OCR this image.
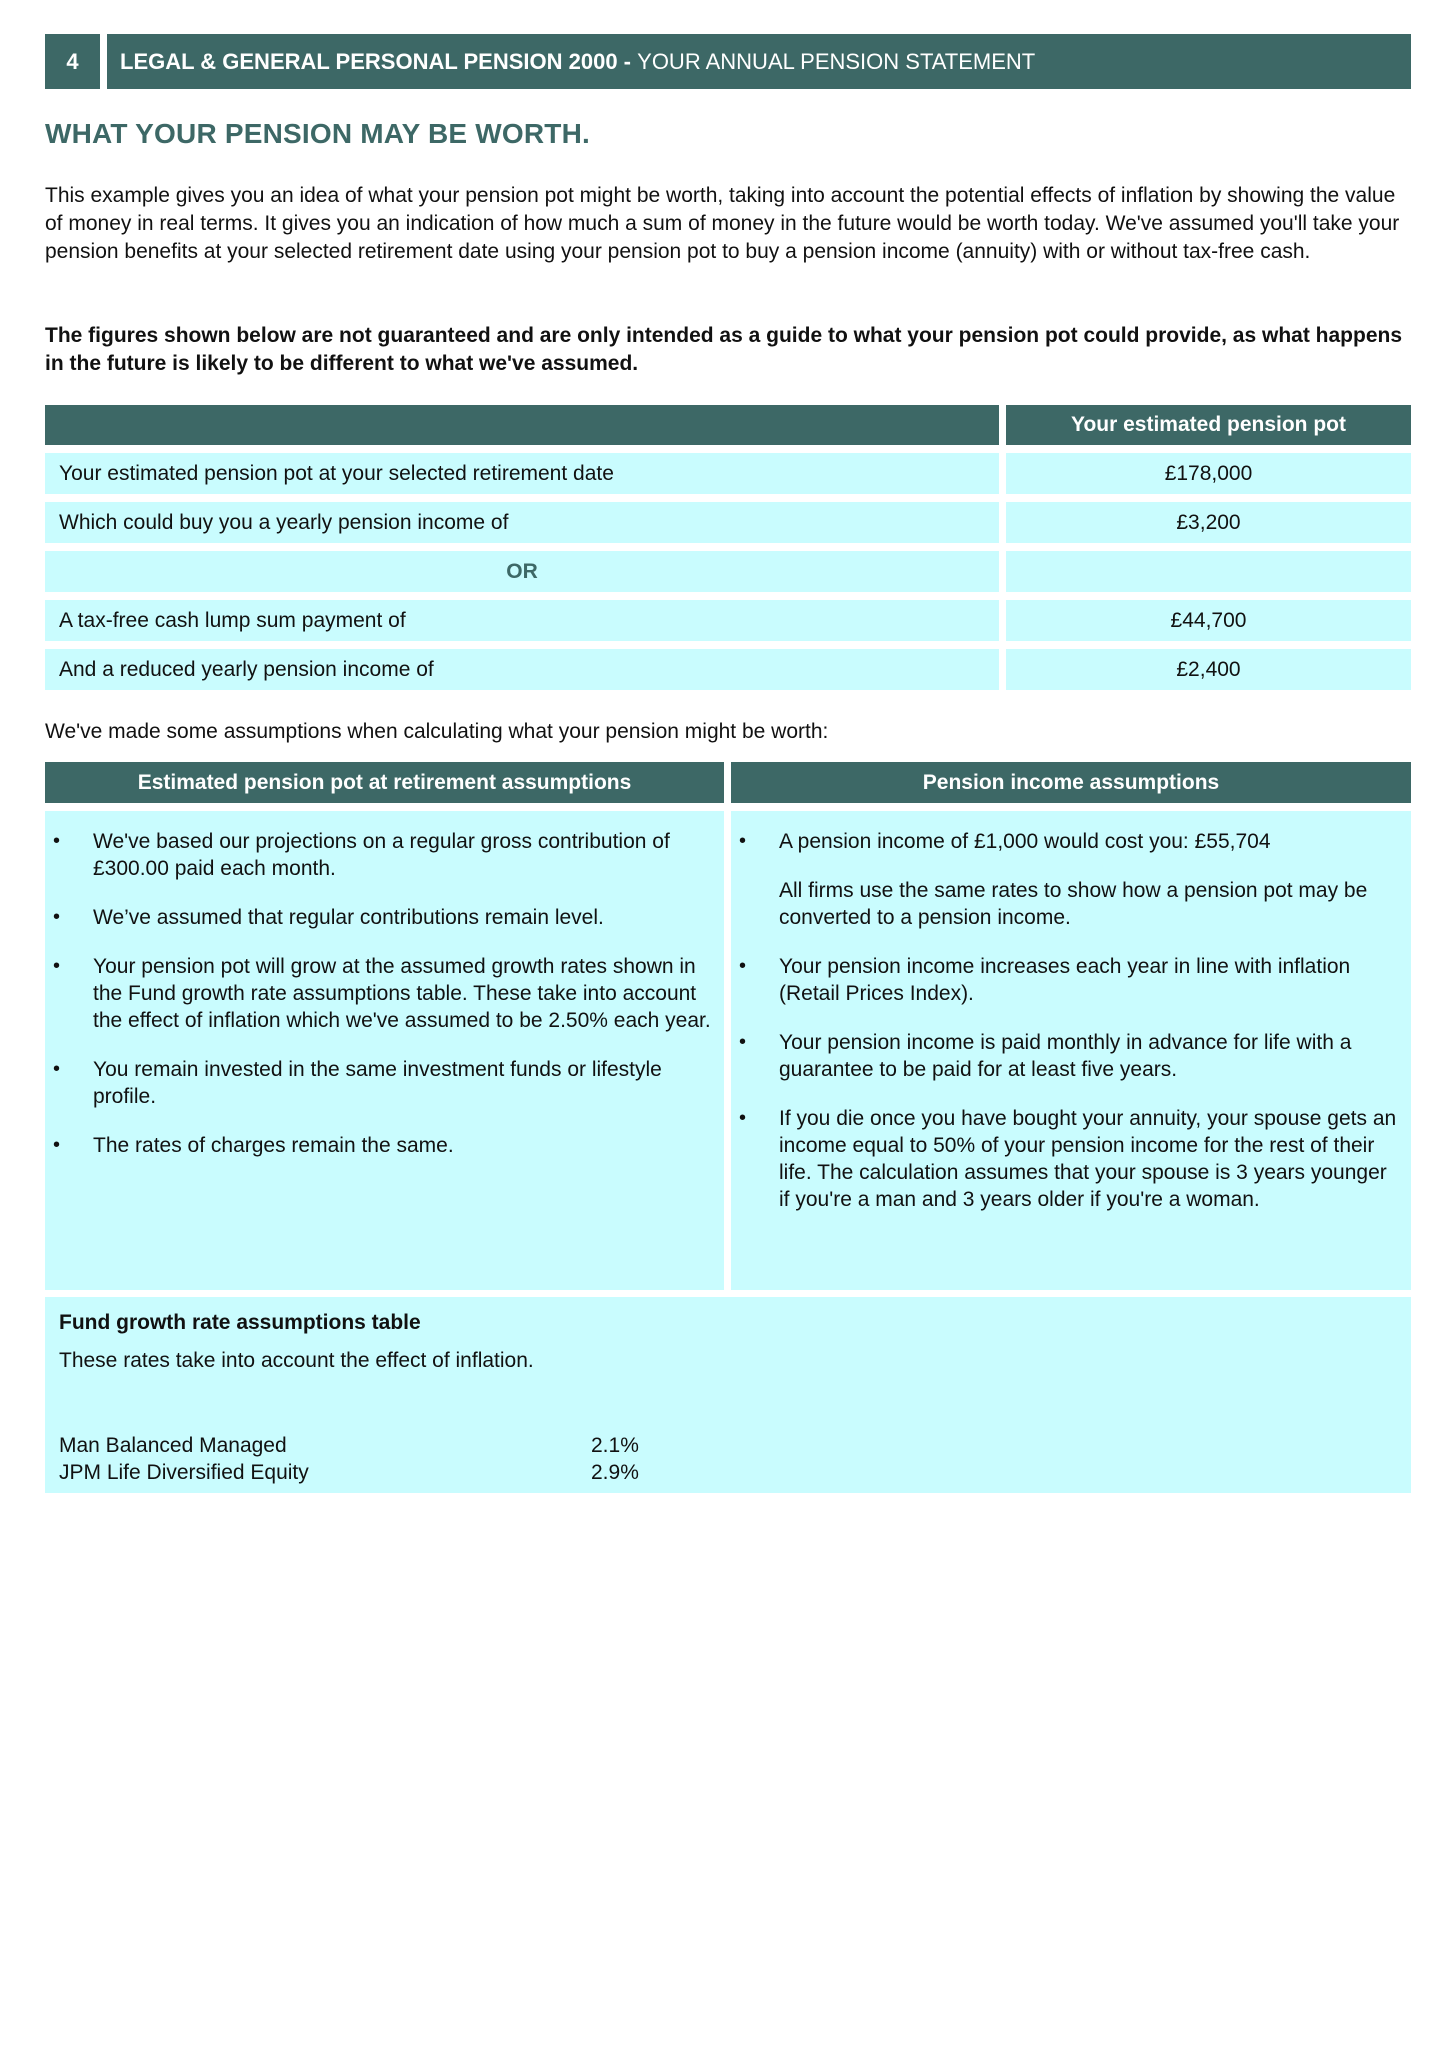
4	LEGAL & GENERAL PERSONAL PENSION 2000 -
YOUR ANNUAL PENSION STATEMENT
WHAT YOUR PENSION MAY BE WORTH.

This example gives you an idea of what your pension pot might be worth, taking into account the potential effects of inflation by showing the value of money in real terms. It gives you an indication of how much a sum of money in the future would be worth today. We've assumed you'll take your pension benefits at your selected retirement date using your pension pot to buy a pension income (annuity) with or without tax-free cash.

The figures shown below are not guaranteed and are only intended as a guide to what your pension pot could provide, as what happens in the future is likely to be different to what we've assumed.

Your estimated pension pot
Your estimated pension pot at your selected retirement date	£178,000
Which could buy you a yearly pension income of	£3,200
OR
A tax-free cash lump sum payment of	£44,700
And a reduced yearly pension income of	£2,400

We've made some assumptions when calculating what your pension might be worth:

Estimated pension pot at retirement assumptions	Pension income assumptions
• We've based our projections on a regular gross contribution of £300.00 paid each month.
• We’ve assumed that regular contributions remain level.
• Your pension pot will grow at the assumed growth rates shown in the Fund growth rate assumptions table. These take into account the effect of inflation which we've assumed to be 2.50% each year.
• You remain invested in the same investment funds or lifestyle profile.
• The rates of charges remain the same.
• A pension income of £1,000 would cost you: £55,704
All firms use the same rates to show how a pension pot may be converted to a pension income.
• Your pension income increases each year in line with inflation (Retail Prices Index).
• Your pension income is paid monthly in advance for life with a guarantee to be paid for at least five years.
• If you die once you have bought your annuity, your spouse gets an income equal to 50% of your pension income for the rest of their life. The calculation assumes that your spouse is 3 years younger if you're a man and 3 years older if you're a woman.
Fund growth rate assumptions table
These rates take into account the effect of inflation.
Man Balanced Managed	2.1%
JPM Life Diversified Equity	2.9%
